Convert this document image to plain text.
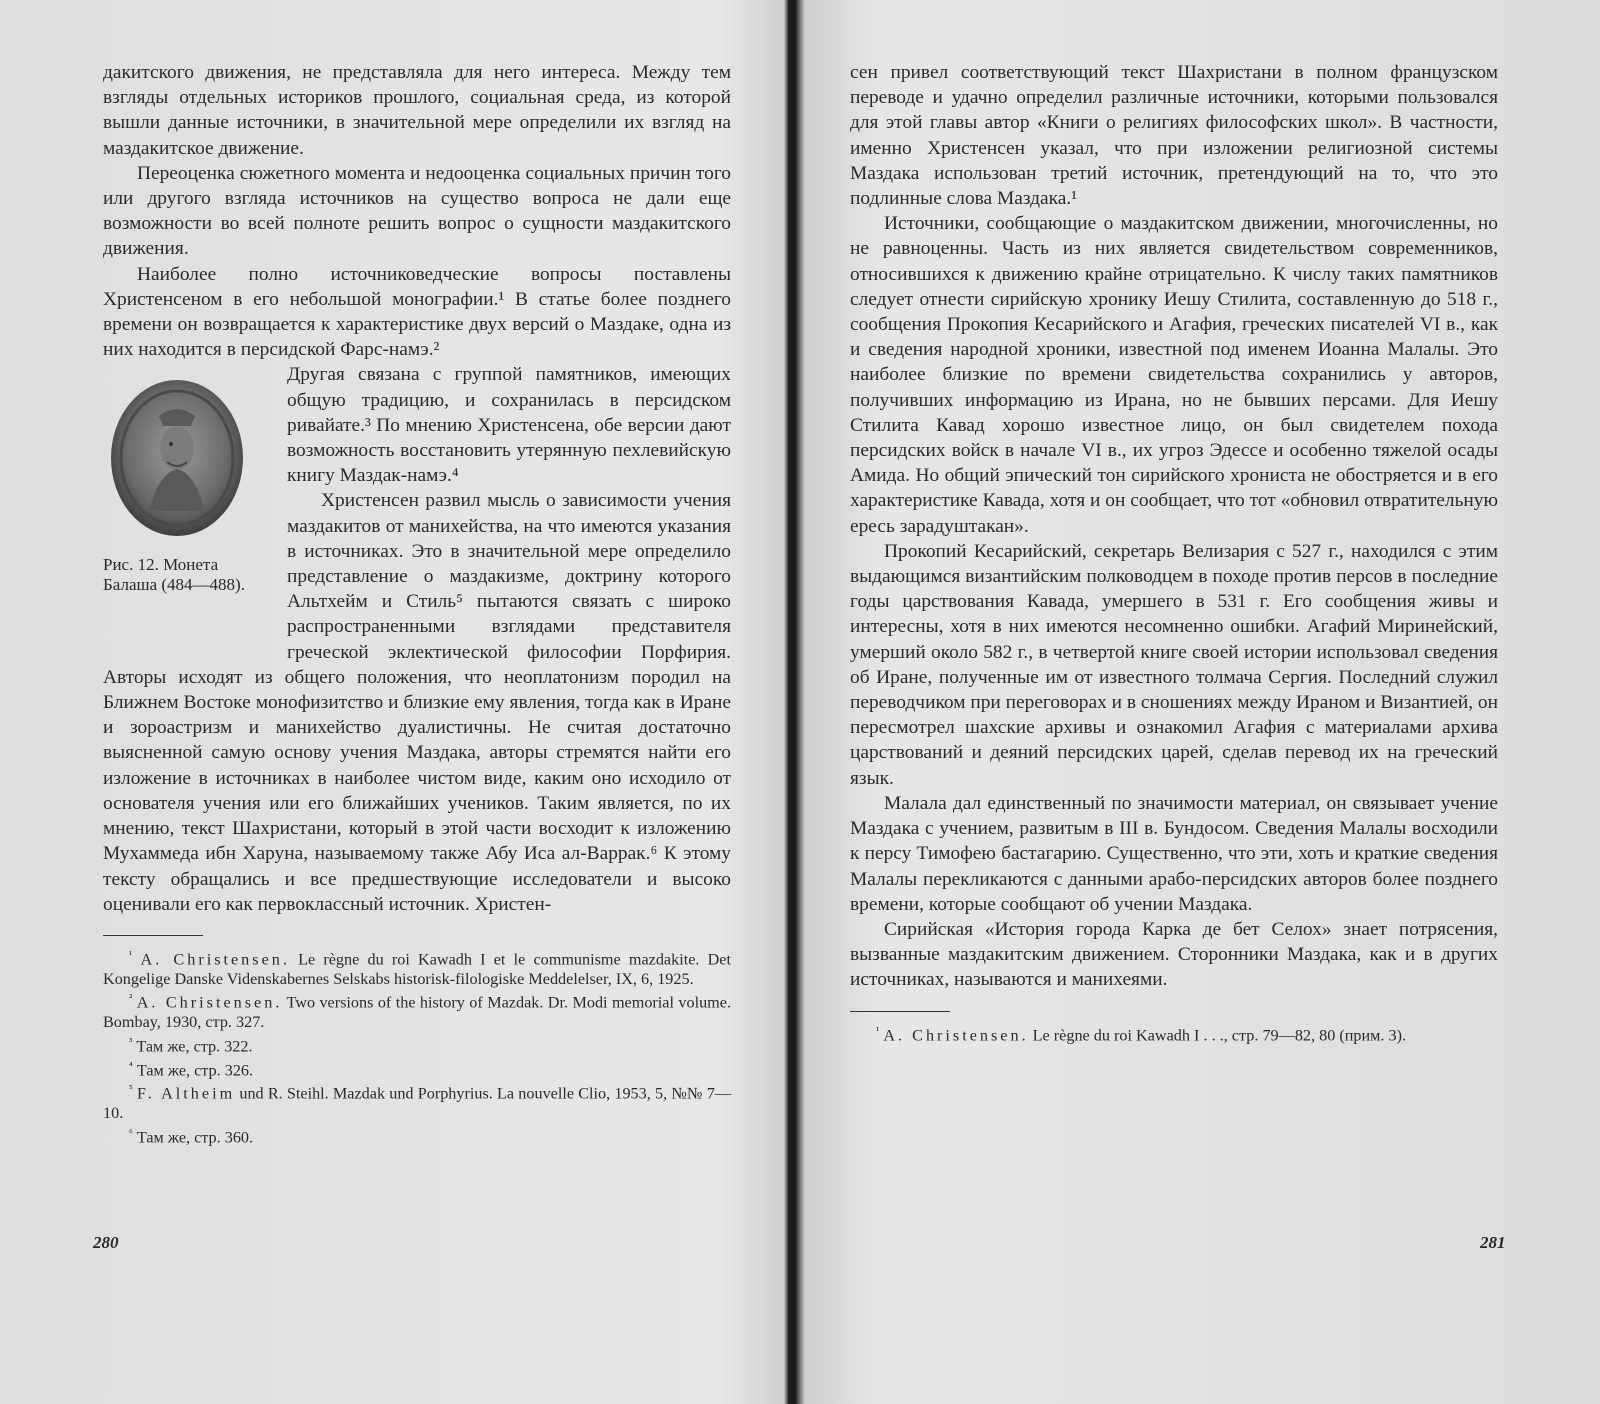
дакитского движения, не представляла для него интереса. Между тем взгляды отдельных историков прошлого, социальная среда, из которой вышли данные источники, в значительной мере определили их взгляд на маздакитское движение.

Переоценка сюжетного момента и недооценка социальных причин того или другого взгляда источников на существо вопроса не дали еще возможности во всей полноте решить вопрос о сущности маздакитского движения.

Наиболее полно источниковедческие вопросы поставлены Христенсеном в его небольшой монографии.¹ В статье более позднего времени он возвращается к характеристике двух версий о Маздаке, одна из них находится в персидской Фарс-намэ.²

Рис. 12. Монета Балаша (484—488).

Другая связана с группой памятников, имеющих общую традицию, и сохранилась в персидском ривайате.³ По мнению Христенсена, обе версии дают возможность восстановить утерянную пехлевийскую книгу Маздак-намэ.⁴

Христенсен развил мысль о зависимости учения маздакитов от манихейства, на что имеются указания в источниках. Это в значительной мере определило представление о маздакизме, доктрину которого Альтхейм и Стиль⁵ пытаются связать с широко распространенными взглядами представителя греческой эклектической философии Порфирия. Авторы исходят из общего положения, что неоплатонизм породил на Ближнем Востоке монофизитство и близкие ему явления, тогда как в Иране и зороастризм и манихейство дуалистичны. Не считая достаточно выясненной самую основу учения Маздака, авторы стремятся найти его изложение в источниках в наиболее чистом виде, каким оно исходило от основателя учения или его ближайших учеников. Таким является, по их мнению, текст Шахристани, который в этой части восходит к изложению Мухаммеда ибн Харуна, называемому также Абу Иса ал-Варрак.⁶ К этому тексту обращались и все предшествующие исследователи и высоко оценивали его как первоклассный источник. Христен-

$^{^1}$ A. Christensen. Le règne du roi Kawadh I et le communisme mazdakite. Det Kongelige Danske Videnskabernes Selskabs historisk-filologiske Meddelelser, IX, 6, 1925.

$^{^2}$ A. Christensen. Two versions of the history of Mazdak. Dr. Modi memorial volume. Bombay, 1930, стр. 327.

$^{^3}$ Там же, стр. 322.

$^{^4}$ Там же, стр. 326.

$^{^5}$ F. Altheim und R. Steihl. Mazdak und Porphyrius. La nouvelle Clio, 1953, 5, №№ 7—10.

$^{^6}$ Там же, стр. 360.

280

сен привел соответствующий текст Шахристани в полном французском переводе и удачно определил различные источники, которыми пользовался для этой главы автор «Книги о религиях философских школ». В частности, именно Христенсен указал, что при изложении религиозной системы Маздака использован третий источник, претендующий на то, что это подлинные слова Маздака.¹

Источники, сообщающие о маздакитском движении, многочисленны, но не равноценны. Часть из них является свидетельством современников, относившихся к движению крайне отрицательно. К числу таких памятников следует отнести сирийскую хронику Иешу Стилита, составленную до 518 г., сообщения Прокопия Кесарийского и Агафия, греческих писателей VI в., как и сведения народной хроники, известной под именем Иоанна Малалы. Это наиболее близкие по времени свидетельства сохранились у авторов, получивших информацию из Ирана, но не бывших персами. Для Иешу Стилита Кавад хорошо известное лицо, он был свидетелем похода персидских войск в начале VI в., их угроз Эдессе и особенно тяжелой осады Амида. Но общий эпический тон сирийского хрониста не обостряется и в его характеристике Кавада, хотя и он сообщает, что тот «обновил отвратительную ересь зарадуштакан».

Прокопий Кесарийский, секретарь Велизария с 527 г., находился с этим выдающимся византийским полководцем в походе против персов в последние годы царствования Кавада, умершего в 531 г. Его сообщения живы и интересны, хотя в них имеются несомненно ошибки. Агафий Миринейский, умерший около 582 г., в четвертой книге своей истории использовал сведения об Иране, полученные им от известного толмача Сергия. Последний служил переводчиком при переговорах и в сношениях между Ираном и Византией, он пересмотрел шахские архивы и ознакомил Агафия с материалами архива царствований и деяний персидских царей, сделав перевод их на греческий язык.

Малала дал единственный по значимости материал, он связывает учение Маздака с учением, развитым в III в. Бундосом. Сведения Малалы восходили к персу Тимофею бастагарию. Существенно, что эти, хоть и краткие сведения Малалы перекликаются с данными арабо-персидских авторов более позднего времени, которые сообщают об учении Маздака.

Сирийская «История города Карка де бет Селох» знает потрясения, вызванные маздакитским движением. Сторонники Маздака, как и в других источниках, называются и манихеями.

$^{^1}$ A. Christensen. Le règne du roi Kawadh I . . ., стр. 79—82, 80 (прим. 3).

281
